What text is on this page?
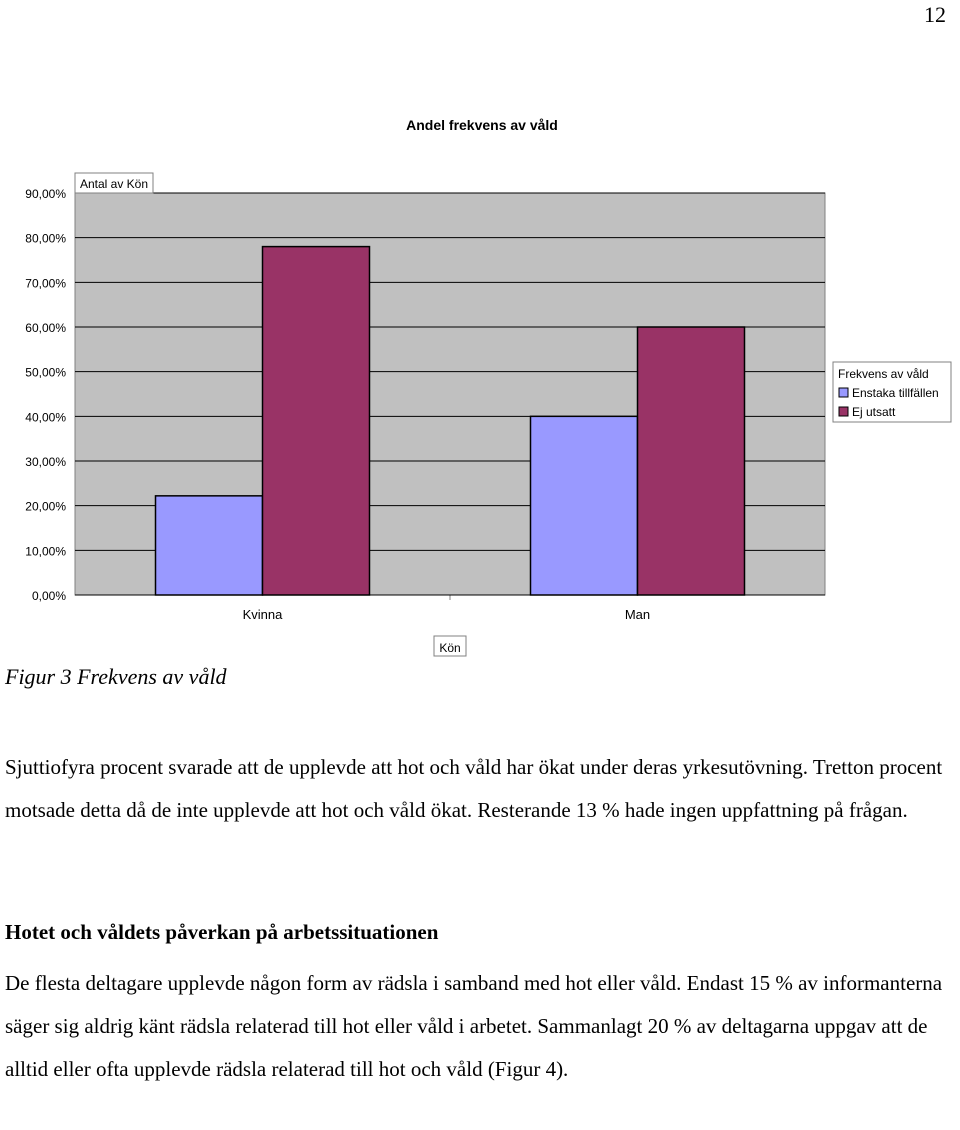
12
Andel frekvens av våld
0,00%
10,00%
20,00%
30,00%
40,00%
50,00%
60,00%
70,00%
80,00%
90,00%
Kvinna	Man
Antal av Kön
Kön
Frekvens av våld
Enstaka tillfällen
Ej utsatt
Figur 3 Frekvens av våld
Sjuttiofyra procent svarade att de upplevde att hot och våld har ökat under deras yrkesutövning. Tretton procent motsade detta då de inte upplevde att hot och våld ökat. Resterande 13 % hade ingen uppfattning på frågan.
Hotet och våldets påverkan på arbetssituationen
De flesta deltagare upplevde någon form av rädsla i samband med hot eller våld. Endast 15 % av informanterna säger sig aldrig känt rädsla relaterad till hot eller våld i arbetet. Sammanlagt 20 % av deltagarna uppgav att de alltid eller ofta upplevde rädsla relaterad till hot och våld (Figur 4).
